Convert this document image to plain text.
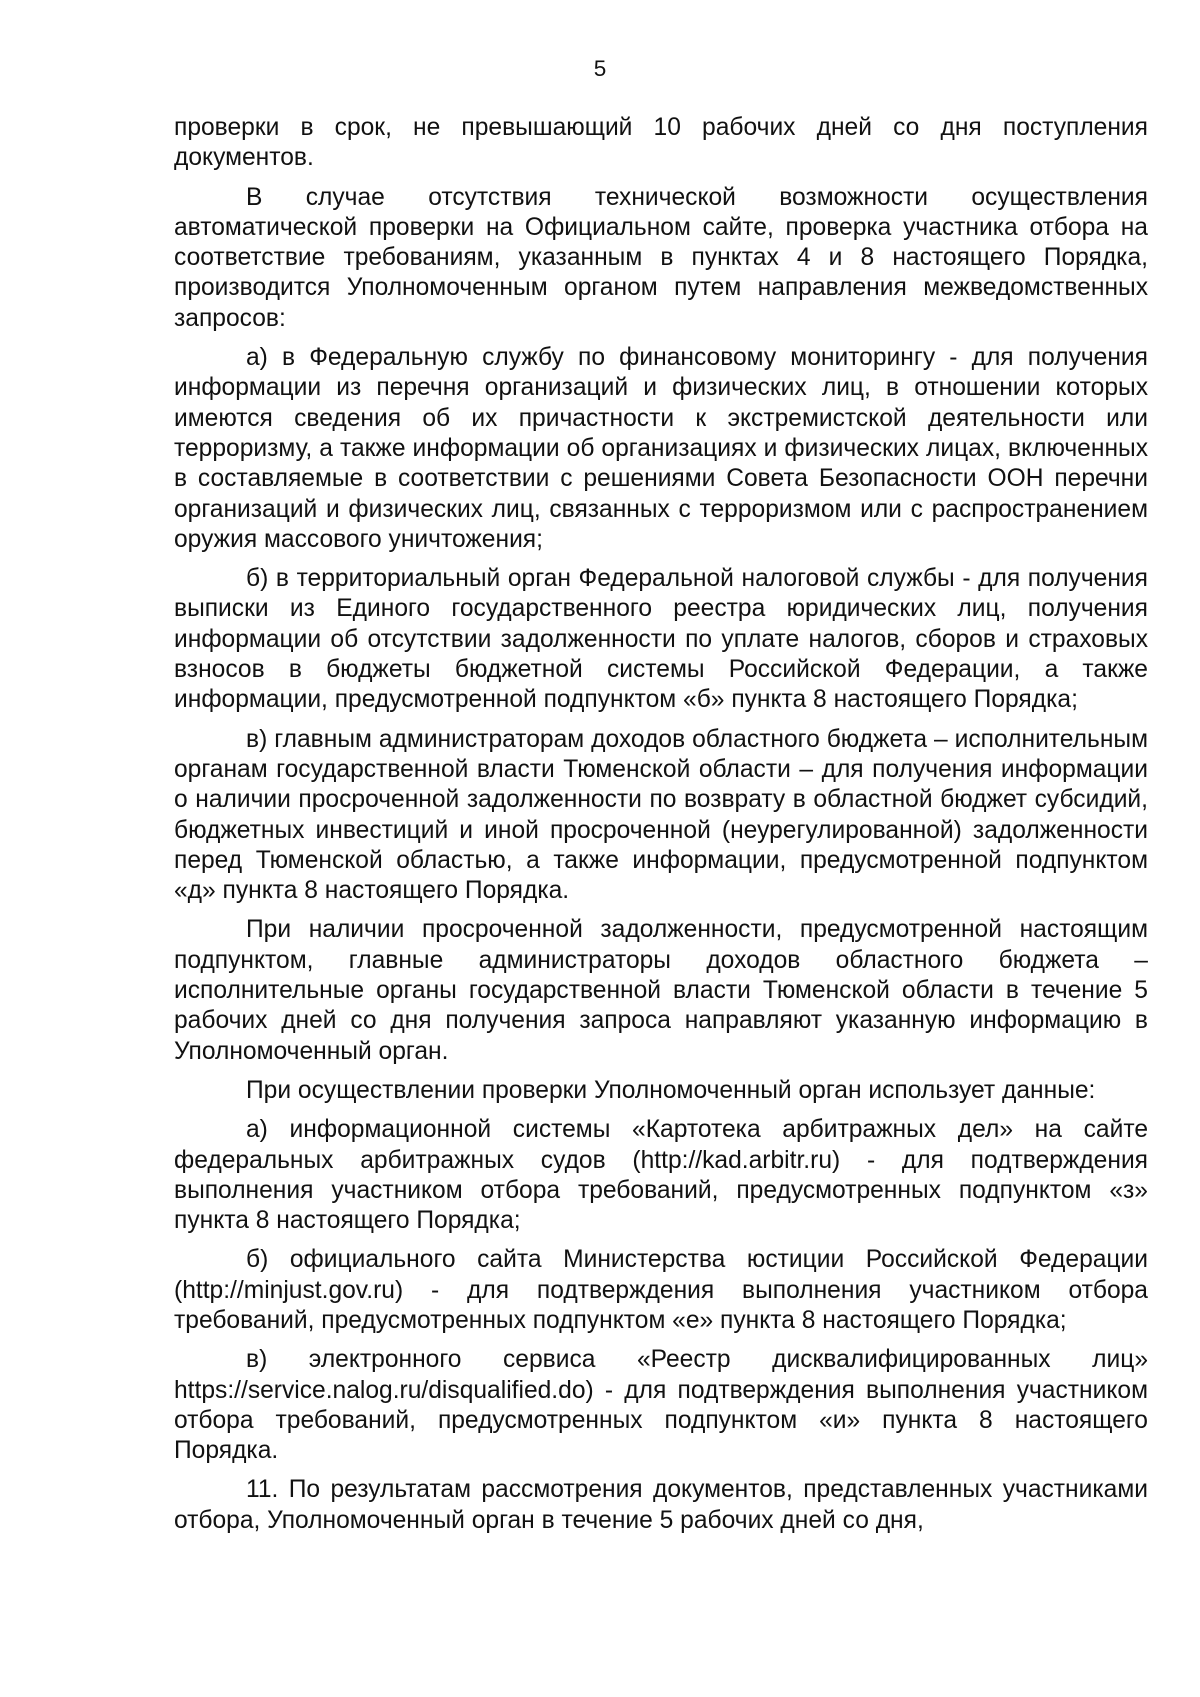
5

проверки в срок, не превышающий 10 рабочих дней со дня поступления документов.

В случае отсутствия технической возможности осуществления автоматической проверки на Официальном сайте, проверка участника отбора на соответствие требованиям, указанным в пунктах 4 и 8 настоящего Порядка, производится Уполномоченным органом путем направления межведомственных запросов:

а) в Федеральную службу по финансовому мониторингу - для получения информации из перечня организаций и физических лиц, в отношении которых имеются сведения об их причастности к экстремистской деятельности или терроризму, а также информации об организациях и физических лицах, включенных в составляемые в соответствии с решениями Совета Безопасности ООН перечни организаций и физических лиц, связанных с терроризмом или с распространением оружия массового уничтожения;

б) в территориальный орган Федеральной налоговой службы - для получения выписки из Единого государственного реестра юридических лиц, получения информации об отсутствии задолженности по уплате налогов, сборов и страховых взносов в бюджеты бюджетной системы Российской Федерации, а также информации, предусмотренной подпунктом «б» пункта 8 настоящего Порядка;

в) главным администраторам доходов областного бюджета – исполнительным органам государственной власти Тюменской области – для получения информации о наличии просроченной задолженности по возврату в областной бюджет субсидий, бюджетных инвестиций и иной просроченной (неурегулированной) задолженности перед Тюменской областью, а также информации, предусмотренной подпунктом «д» пункта 8 настоящего Порядка.

При наличии просроченной задолженности, предусмотренной настоящим подпунктом, главные администраторы доходов областного бюджета – исполнительные органы государственной власти Тюменской области в течение 5 рабочих дней со дня получения запроса направляют указанную информацию в Уполномоченный орган.

При осуществлении проверки Уполномоченный орган использует данные:

а) информационной системы «Картотека арбитражных дел» на сайте федеральных арбитражных судов (http://kad.arbitr.ru) - для подтверждения выполнения участником отбора требований, предусмотренных подпунктом «з» пункта 8 настоящего Порядка;

б) официального сайта Министерства юстиции Российской Федерации (http://minjust.gov.ru) - для подтверждения выполнения участником отбора требований, предусмотренных подпунктом «е» пункта 8 настоящего Порядка;

в) электронного сервиса «Реестр дисквалифицированных лиц» https://service.nalog.ru/disqualified.do) - для подтверждения выполнения участником отбора требований, предусмотренных подпунктом «и» пункта 8 настоящего Порядка.

11. По результатам рассмотрения документов, представленных участниками отбора, Уполномоченный орган в течение 5 рабочих дней со дня,
